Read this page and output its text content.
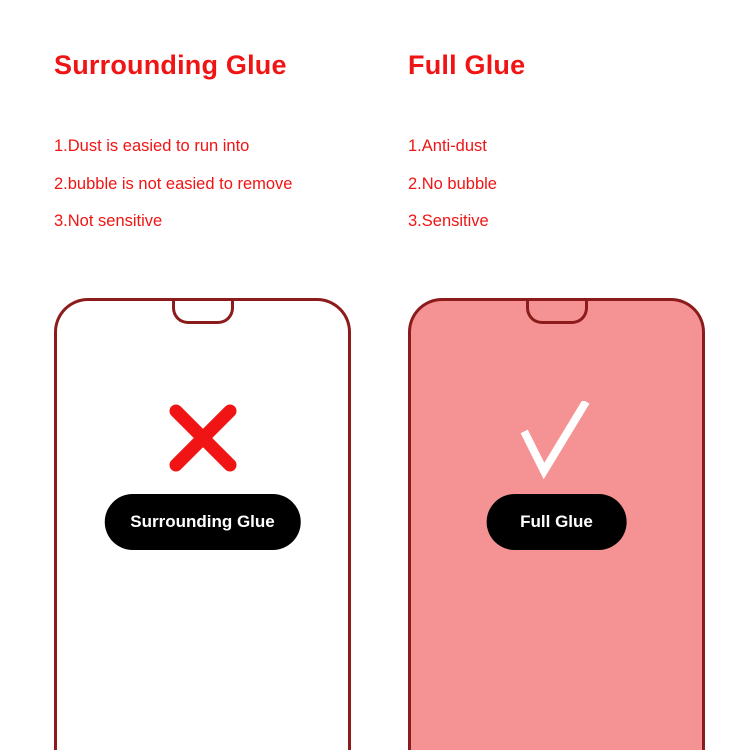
Surrounding Glue
1.Dust is easied to run into
2.bubble is not easied to remove
3.Not sensitive
Surrounding Glue
Full Glue
1.Anti-dust
2.No bubble
3.Sensitive
Full Glue
